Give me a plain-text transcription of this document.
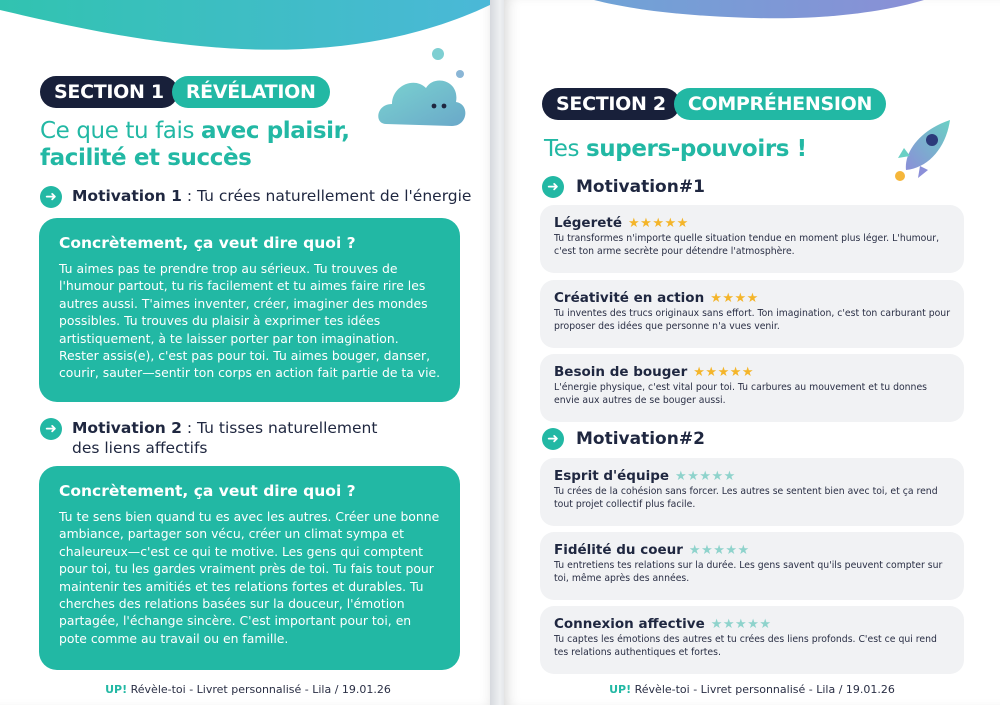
SECTION 1	RÉVÉLATION
Ce que tu fais avec plaisir,
facilité et succès
➜ Motivation 1 : Tu crées naturellement de l'énergie
Concrètement, ça veut dire quoi ?

Tu aimes pas te prendre trop au sérieux. Tu trouves de l'humour partout, tu ris facilement et tu aimes faire rire les autres aussi. T'aimes inventer, créer, imaginer des mondes possibles. Tu trouves du plaisir à exprimer tes idées artistiquement, à te laisser porter par ton imagination. Rester assis(e), c'est pas pour toi. Tu aimes bouger, danser, courir, sauter—sentir ton corps en action fait partie de ta vie.

➜ Motivation 2 : Tu tisses naturellement
des liens affectifs
Concrètement, ça veut dire quoi ?

Tu te sens bien quand tu es avec les autres. Créer une bonne ambiance, partager son vécu, créer un climat sympa et chaleureux—c'est ce qui te motive. Les gens qui comptent pour toi, tu les gardes vraiment près de toi. Tu fais tout pour maintenir tes amitiés et tes relations fortes et durables. Tu cherches des relations basées sur la douceur, l'émotion partagée, l'échange sincère. C'est important pour toi, en pote comme au travail ou en famille.

UP! Révèle-toi - Livret personnalisé - Lila / 19.01.26
SECTION 2	COMPRÉHENSION
Tes supers-pouvoirs !
➜	Motivation#1
➜	Motivation#2
Légereté ★★★★★
Tu transformes n'importe quelle situation tendue en moment plus léger. L'humour, c'est ton arme secrète pour détendre l'atmosphère.
Créativité en action ★★★★
Tu inventes des trucs originaux sans effort. Ton imagination, c'est ton carburant pour proposer des idées que personne n'a vues venir.
Besoin de bouger ★★★★★
L'énergie physique, c'est vital pour toi. Tu carbures au mouvement et tu donnes envie aux autres de se bouger aussi.
Esprit d'équipe ★★★★★
Tu crées de la cohésion sans forcer. Les autres se sentent bien avec toi, et ça rend tout projet collectif plus facile.
Fidélité du coeur ★★★★★
Tu entretiens tes relations sur la durée. Les gens savent qu'ils peuvent compter sur toi, même après des années.
Connexion affective ★★★★★
Tu captes les émotions des autres et tu crées des liens profonds. C'est ce qui rend tes relations authentiques et fortes.
UP! Révèle-toi - Livret personnalisé - Lila / 19.01.26
